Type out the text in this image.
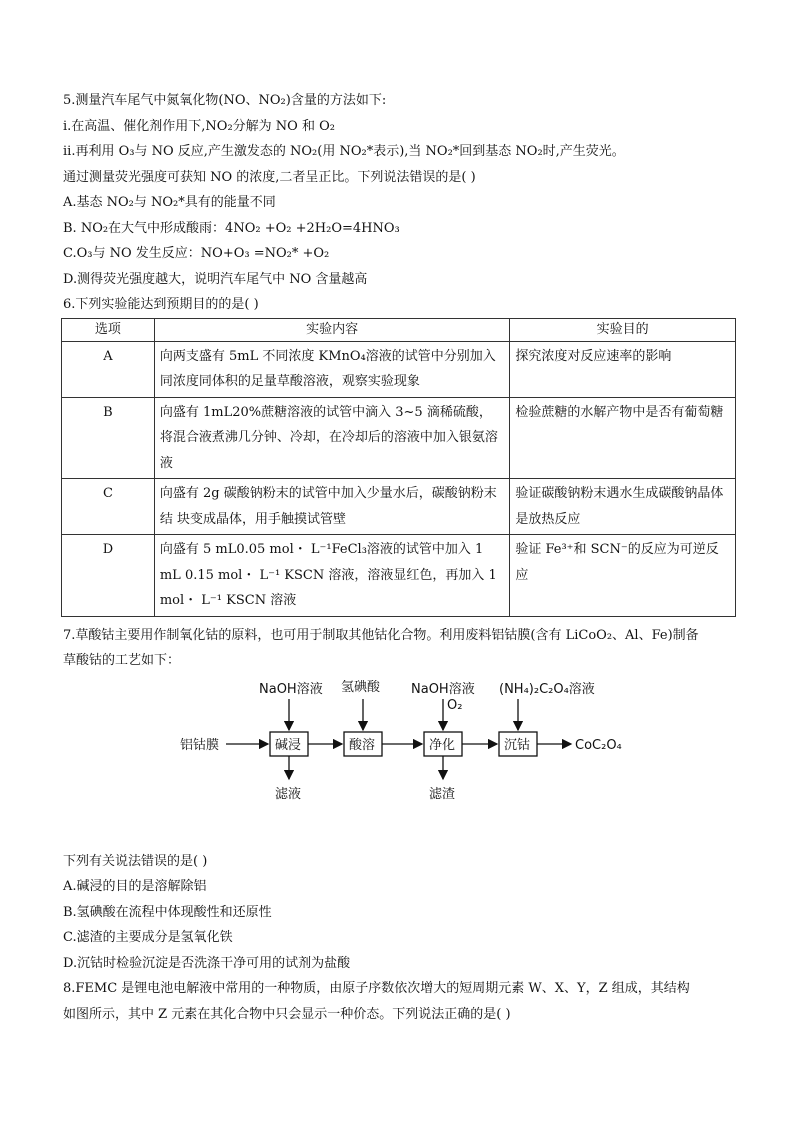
5.测量汽车尾气中氮氧化物(NO、NO₂)含量的方法如下:
i.在高温、催化剂作用下,NO₂分解为 NO 和 O₂
ii.再利用 O₃与 NO 反应,产生激发态的 NO₂(用 NO₂*表示),当 NO₂*回到基态 NO₂时,产生荧光。
通过测量荧光强度可获知 NO 的浓度,二者呈正比。下列说法错误的是( )
A.基态 NO₂与 NO₂*具有的能量不同
B. NO₂在大气中形成酸雨：4NO₂ +O₂ +2H₂O=4HNO₃
C.O₃与 NO 发生反应：NO+O₃ =NO₂* +O₂
D.测得荧光强度越大，说明汽车尾气中 NO 含量越高
6.下列实验能达到预期目的的是( )
选项	实验内容	实验目的
A	向两支盛有 5mL 不同浓度 KMnO₄溶液的试管中分别加入同浓度同体积的足量草酸溶液，观察实验现象	探究浓度对反应速率的影响
B	向盛有 1mL20%蔗糖溶液的试管中滴入 3~5 滴稀硫酸，将混合液煮沸几分钟、冷却，在冷却后的溶液中加入银氨溶液	检验蔗糖的水解产物中是否有葡萄糖
C	向盛有 2g 碳酸钠粉末的试管中加入少量水后，碳酸钠粉末结 块变成晶体，用手触摸试管壁	验证碳酸钠粉末遇水生成碳酸钠晶体是放热反应
D	向盛有 5 mL0.05 mol・ L⁻¹FeCl₃溶液的试管中加入 1 mL 0.15 mol・ L⁻¹ KSCN 溶液，溶液显红色，再加入 1 mol・ L⁻¹ KSCN 溶液	验证 Fe³⁺和 SCN⁻的反应为可逆反应
7.草酸钴主要用作制氧化钴的原料，也可用于制取其他钴化合物。利用废料铝钴膜(含有 LiCoO₂、Al、Fe)制备
草酸钴的工艺如下：
铝钴膜	碱浸	酸溶	净化	沉钴	CoC₂O₄
NaOH溶液 氢碘酸 NaOH溶液
O₂
(NH₄)₂C₂O₄溶液
滤液	滤渣
下列有关说法错误的是( )
A.碱浸的目的是溶解除铝
B.氢碘酸在流程中体现酸性和还原性
C.滤渣的主要成分是氢氧化铁
D.沉钴时检验沉淀是否洗涤干净可用的试剂为盐酸
8.FEMC 是锂电池电解液中常用的一种物质，由原子序数依次增大的短周期元素 W、X、Y，Z 组成，其结构
如图所示，其中 Z 元素在其化合物中只会显示一种价态。下列说法正确的是( )
